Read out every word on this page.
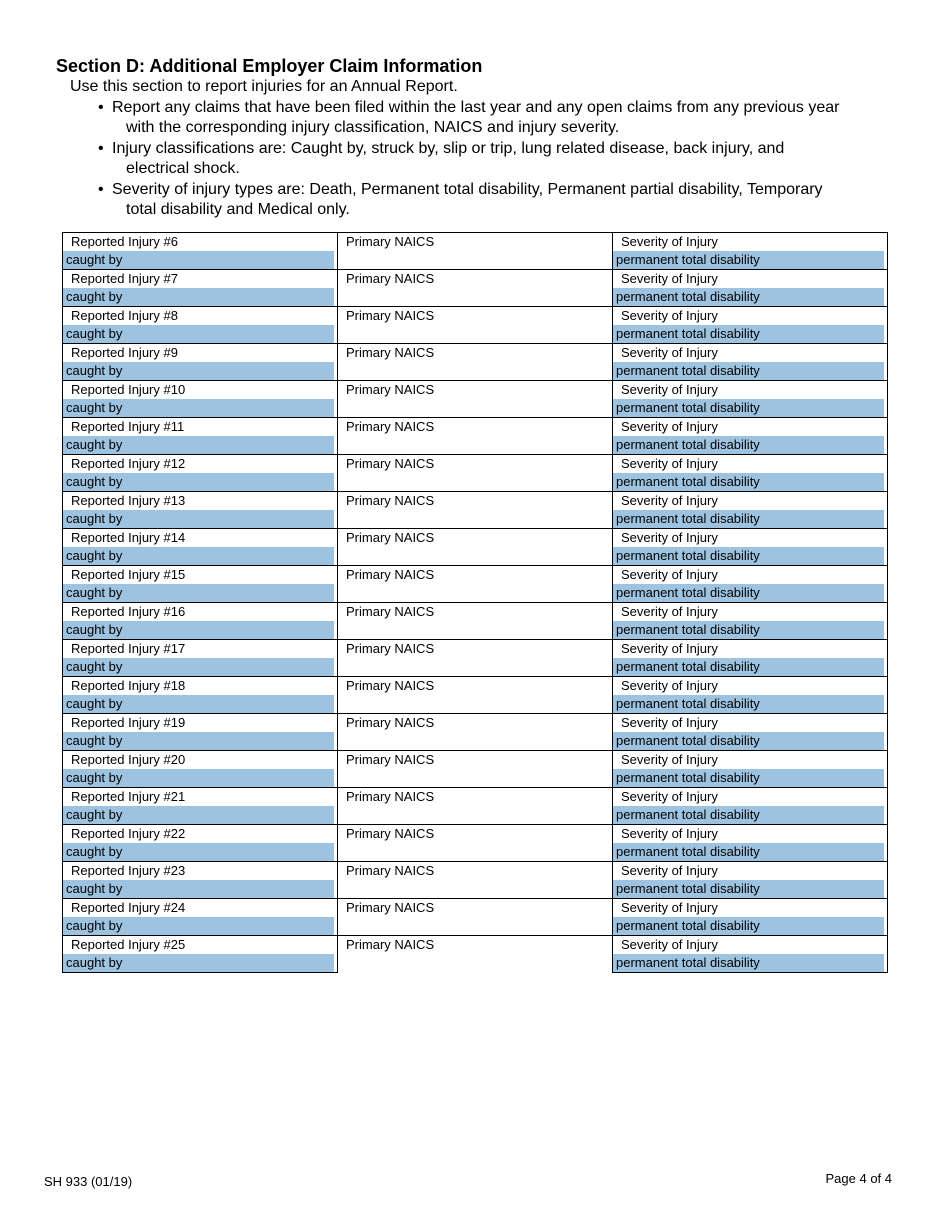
Section D: Additional Employer Claim Information
Use this section to report injuries for an Annual Report.
• Report any claims that have been filed within the last year and any open claims from any previous year
with the corresponding injury classification, NAICS and injury severity.
• Injury classifications are: Caught by, struck by, slip or trip, lung related disease, back injury, and
electrical shock.
• Severity of injury types are: Death, Permanent total disability, Permanent partial disability, Temporary
total disability and Medical only.
Reported Injury #6	Primary NAICS	Severity of Injury

caught by		permanent total disability

Reported Injury #7	Primary NAICS	Severity of Injury

caught by		permanent total disability

Reported Injury #8	Primary NAICS	Severity of Injury

caught by		permanent total disability

Reported Injury #9	Primary NAICS	Severity of Injury

caught by		permanent total disability

Reported Injury #10	Primary NAICS	Severity of Injury

caught by		permanent total disability

Reported Injury #11	Primary NAICS	Severity of Injury

caught by		permanent total disability

Reported Injury #12	Primary NAICS	Severity of Injury

caught by		permanent total disability

Reported Injury #13	Primary NAICS	Severity of Injury

caught by		permanent total disability

Reported Injury #14	Primary NAICS	Severity of Injury

caught by		permanent total disability

Reported Injury #15	Primary NAICS	Severity of Injury

caught by		permanent total disability

Reported Injury #16	Primary NAICS	Severity of Injury

caught by		permanent total disability

Reported Injury #17	Primary NAICS	Severity of Injury

caught by		permanent total disability

Reported Injury #18	Primary NAICS	Severity of Injury

caught by		permanent total disability

Reported Injury #19	Primary NAICS	Severity of Injury

caught by		permanent total disability

Reported Injury #20	Primary NAICS	Severity of Injury

caught by		permanent total disability

Reported Injury #21	Primary NAICS	Severity of Injury

caught by		permanent total disability

Reported Injury #22	Primary NAICS	Severity of Injury

caught by		permanent total disability

Reported Injury #23	Primary NAICS	Severity of Injury

caught by		permanent total disability

Reported Injury #24	Primary NAICS	Severity of Injury

caught by		permanent total disability

Reported Injury #25	Primary NAICS	Severity of Injury

caught by		permanent total disability
SH 933 (01/19)	Page 4 of 4
